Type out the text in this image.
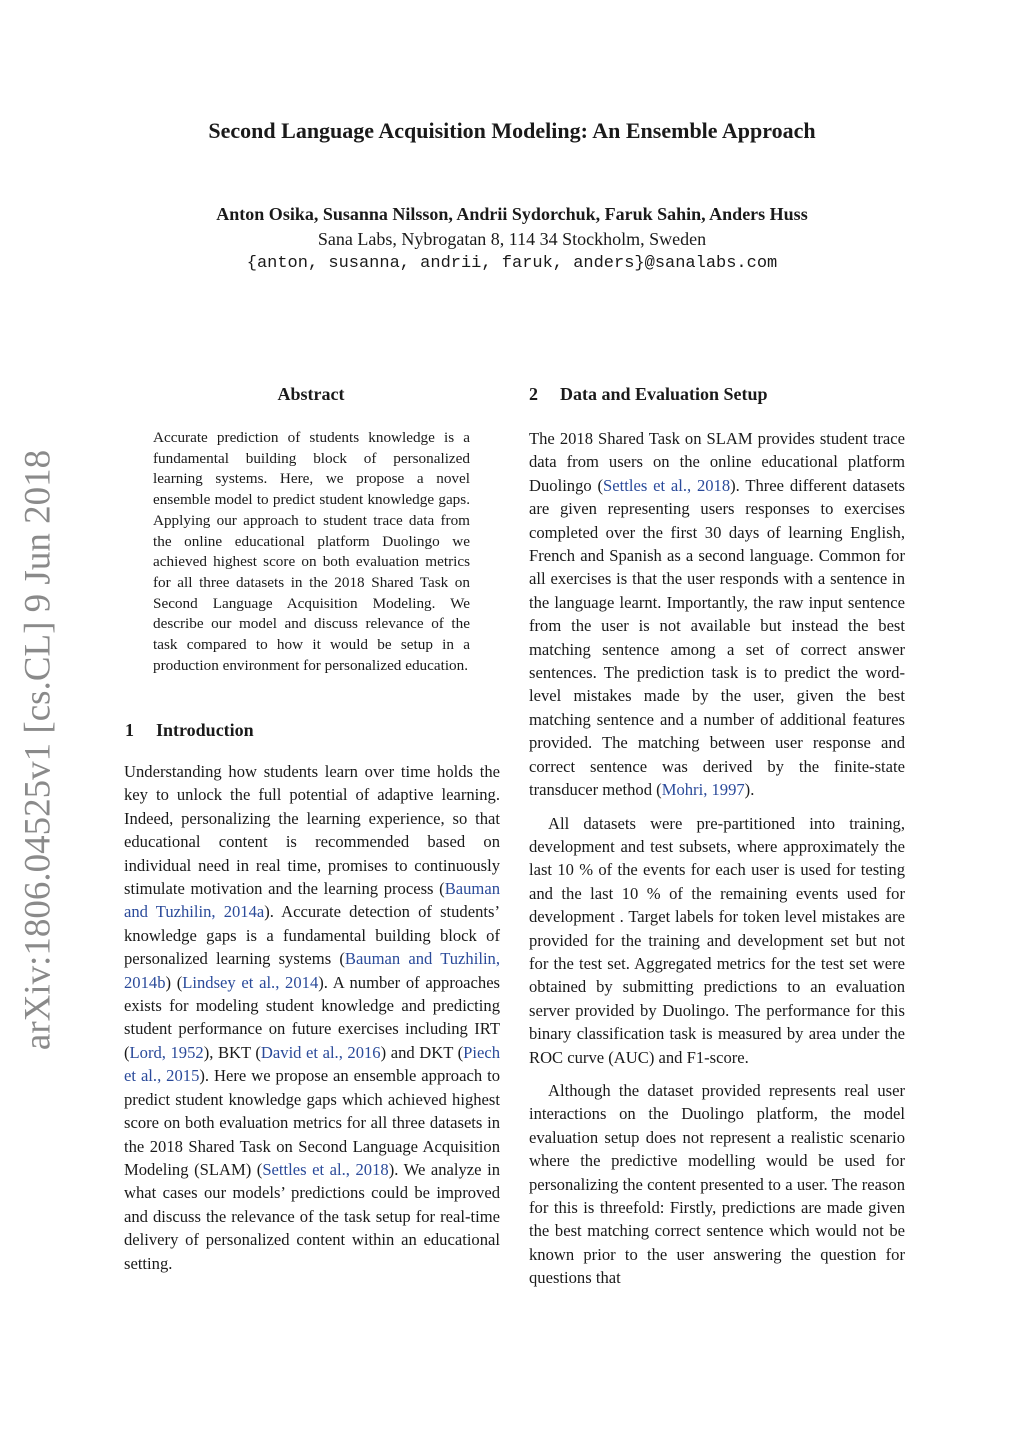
Second Language Acquisition Modeling: An Ensemble Approach
Anton Osika, Susanna Nilsson, Andrii Sydorchuk, Faruk Sahin, Anders Huss
Sana Labs, Nybrogatan 8, 114 34 Stockholm, Sweden
{anton, susanna, andrii, faruk, anders}@sanalabs.com
arXiv:1806.04525v1 [cs.CL] 9 Jun 2018
Abstract
Accurate prediction of students knowledge is a fundamental building block of personalized learning systems. Here, we propose a novel ensemble model to predict student knowledge gaps. Applying our approach to student trace data from the online educational platform Duolingo we achieved highest score on both evaluation metrics for all three datasets in the 2018 Shared Task on Second Language Acquisition Modeling. We describe our model and discuss relevance of the task compared to how it would be setup in a production environment for personalized education.
1 Introduction

Understanding how students learn over time holds the key to unlock the full potential of adaptive learning. Indeed, personalizing the learning experience, so that educational content is recommended based on individual need in real time, promises to continuously stimulate motivation and the learning process (Bauman and Tuzhilin, 2014a). Accurate detection of students’ knowledge gaps is a fundamental building block of personalized learning systems (Bauman and Tuzhilin, 2014b) (Lindsey et al., 2014). A number of approaches exists for modeling student knowledge and predicting student performance on future exercises including IRT (Lord, 1952), BKT (David et al., 2016) and DKT (Piech et al., 2015). Here we propose an ensemble approach to predict student knowledge gaps which achieved highest score on both evaluation metrics for all three datasets in the 2018 Shared Task on Second Language Acquisition Modeling (SLAM) (Settles et al., 2018). We analyze in what cases our models’ predictions could be improved and discuss the relevance of the task setup for real-time delivery of personalized content within an educational setting.

2 Data and Evaluation Setup

The 2018 Shared Task on SLAM provides student trace data from users on the online educational platform Duolingo (Settles et al., 2018). Three different datasets are given representing users responses to exercises completed over the first 30 days of learning English, French and Spanish as a second language. Common for all exercises is that the user responds with a sentence in the language learnt. Importantly, the raw input sentence from the user is not available but instead the best matching sentence among a set of correct answer sentences. The prediction task is to predict the word-level mistakes made by the user, given the best matching sentence and a number of additional features provided. The matching between user response and correct sentence was derived by the finite-state transducer method (Mohri, 1997).

All datasets were pre-partitioned into training, development and test subsets, where approximately the last 10 % of the events for each user is used for testing and the last 10 % of the remaining events used for development . Target labels for token level mistakes are provided for the training and development set but not for the test set. Aggregated metrics for the test set were obtained by submitting predictions to an evaluation server provided by Duolingo. The performance for this binary classification task is measured by area under the ROC curve (AUC) and F1-score.

Although the dataset provided represents real user interactions on the Duolingo platform, the model evaluation setup does not represent a realistic scenario where the predictive modelling would be used for personalizing the content presented to a user. The reason for this is threefold: Firstly, predictions are made given the best matching correct sentence which would not be known prior to the user answering the question for questions that
